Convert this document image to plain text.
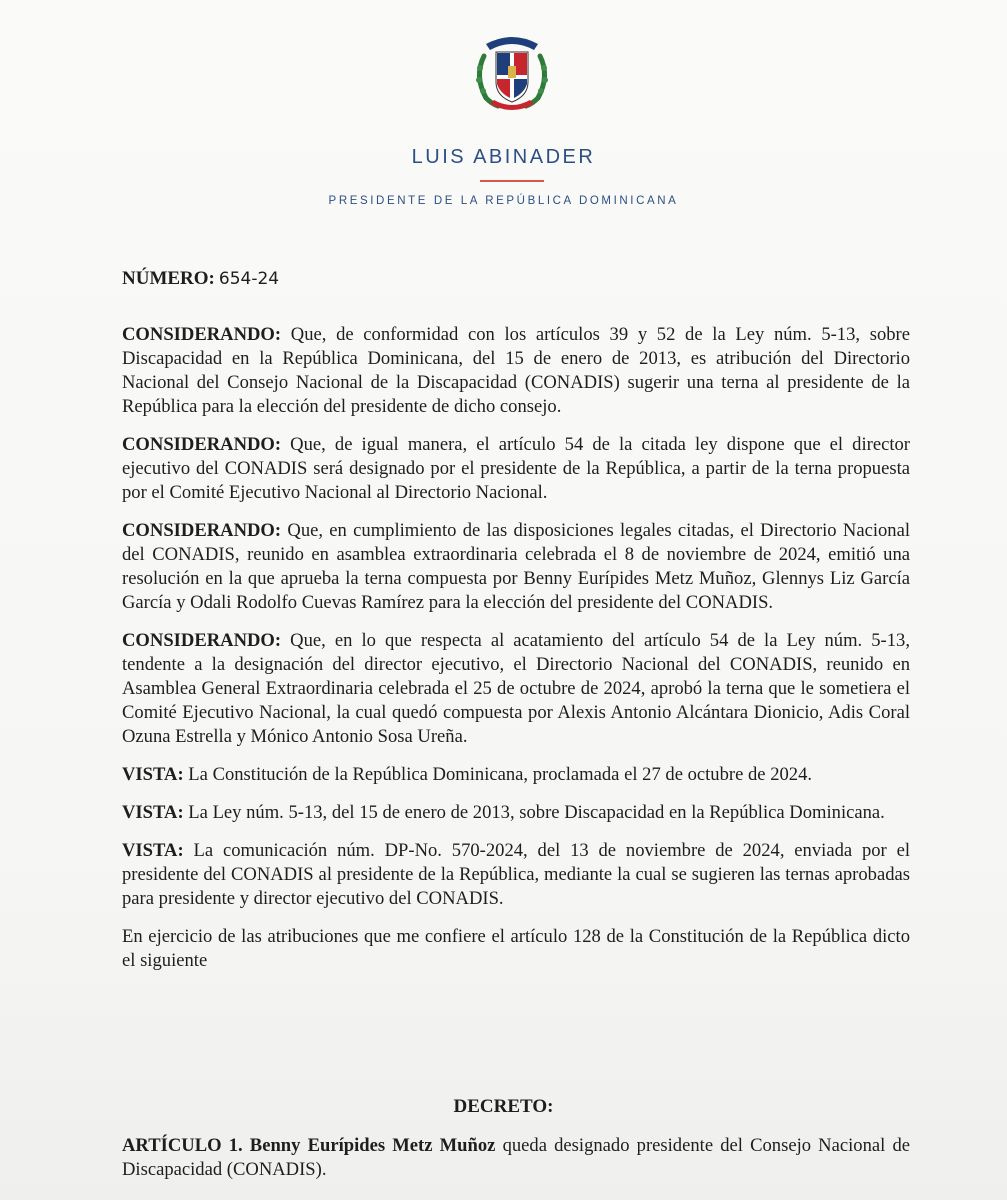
LUIS ABINADER
PRESIDENTE DE LA REPÚBLICA DOMINICANA
NÚMERO: 654-24

CONSIDERANDO: Que, de conformidad con los artículos 39 y 52 de la Ley núm. 5-13, sobre Discapacidad en la República Dominicana, del 15 de enero de 2013, es atribución del Directorio Nacional del Consejo Nacional de la Discapacidad (CONADIS) sugerir una terna al presidente de la República para la elección del presidente de dicho consejo.

CONSIDERANDO: Que, de igual manera, el artículo 54 de la citada ley dispone que el director ejecutivo del CONADIS será designado por el presidente de la República, a partir de la terna propuesta por el Comité Ejecutivo Nacional al Directorio Nacional.

CONSIDERANDO: Que, en cumplimiento de las disposiciones legales citadas, el Directorio Nacional del CONADIS, reunido en asamblea extraordinaria celebrada el 8 de noviembre de 2024, emitió una resolución en la que aprueba la terna compuesta por Benny Eurípides Metz Muñoz, Glennys Liz García García y Odali Rodolfo Cuevas Ramírez para la elección del presidente del CONADIS.

CONSIDERANDO: Que, en lo que respecta al acatamiento del artículo 54 de la Ley núm. 5-13, tendente a la designación del director ejecutivo, el Directorio Nacional del CONADIS, reunido en Asamblea General Extraordinaria celebrada el 25 de octubre de 2024, aprobó la terna que le sometiera el Comité Ejecutivo Nacional, la cual quedó compuesta por Alexis Antonio Alcántara Dionicio, Adis Coral Ozuna Estrella y Mónico Antonio Sosa Ureña.

VISTA: La Constitución de la República Dominicana, proclamada el 27 de octubre de 2024.

VISTA: La Ley núm. 5-13, del 15 de enero de 2013, sobre Discapacidad en la República Dominicana.

VISTA: La comunicación núm. DP-No. 570-2024, del 13 de noviembre de 2024, enviada por el presidente del CONADIS al presidente de la República, mediante la cual se sugieren las ternas aprobadas para presidente y director ejecutivo del CONADIS.

En ejercicio de las atribuciones que me confiere el artículo 128 de la Constitución de la República dicto el siguiente

DECRETO:
ARTÍCULO 1. Benny Eurípides Metz Muñoz queda designado presidente del Consejo Nacional de Discapacidad (CONADIS).
